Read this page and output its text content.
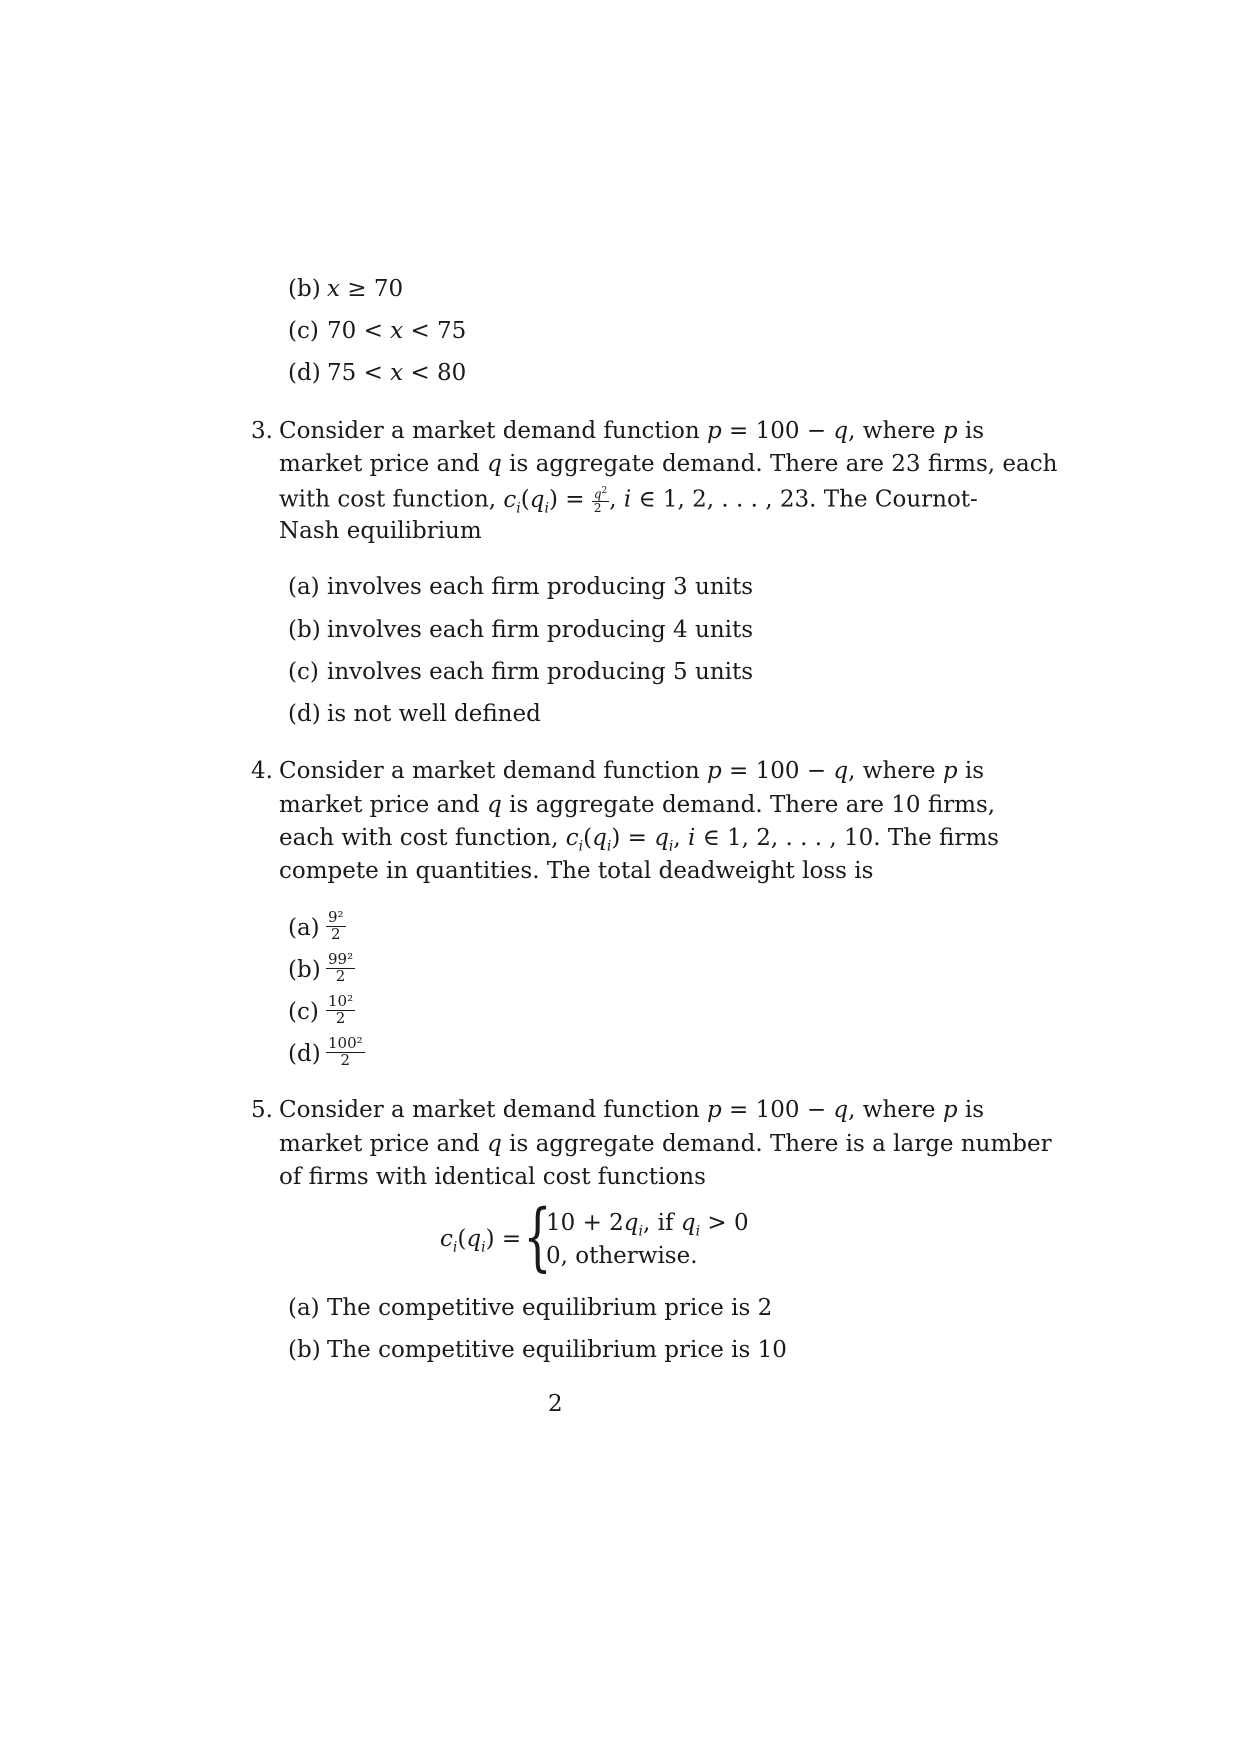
(b) x ≥ 70
(c) 70 < x < 75
(d) 75 < x < 80
3. Consider a market demand function p = 100 − q, where p is
market price and q is aggregate demand. There are 23 firms, each
with cost function, $c_i(q_i) = \frac{q^2}{2}$ , i ∈ 1, 2, . . . , 23. The Cournot-
Nash equilibrium
(a) involves each firm producing 3 units
(b) involves each firm producing 4 units
(c) involves each firm producing 5 units
(d) is not well defined
4. Consider a market demand function p = 100 − q, where p is
market price and q is aggregate demand. There are 10 firms,
each with cost function, $c_i(q_i) = q_i$, i ∈ 1, 2, . . . , 10. The firms
compete in quantities. The total deadweight loss is
$(a) \frac{\text{9²}}{2}$
$(b) \frac{\text{99²}}{2}$
$(c) \frac{\text{10²}}{2}$
$(d) \frac{\text{100²}}{2}$
5. Consider a market demand function p = 100 − q, where p is
market price and q is aggregate demand. There is a large number
of firms with identical cost functions
$c_i(q_i)$ = {
$10 + 2q_i$, if $q_i > 0$
0, otherwise.
(a) The competitive equilibrium price is 2
(b) The competitive equilibrium price is 10
2
